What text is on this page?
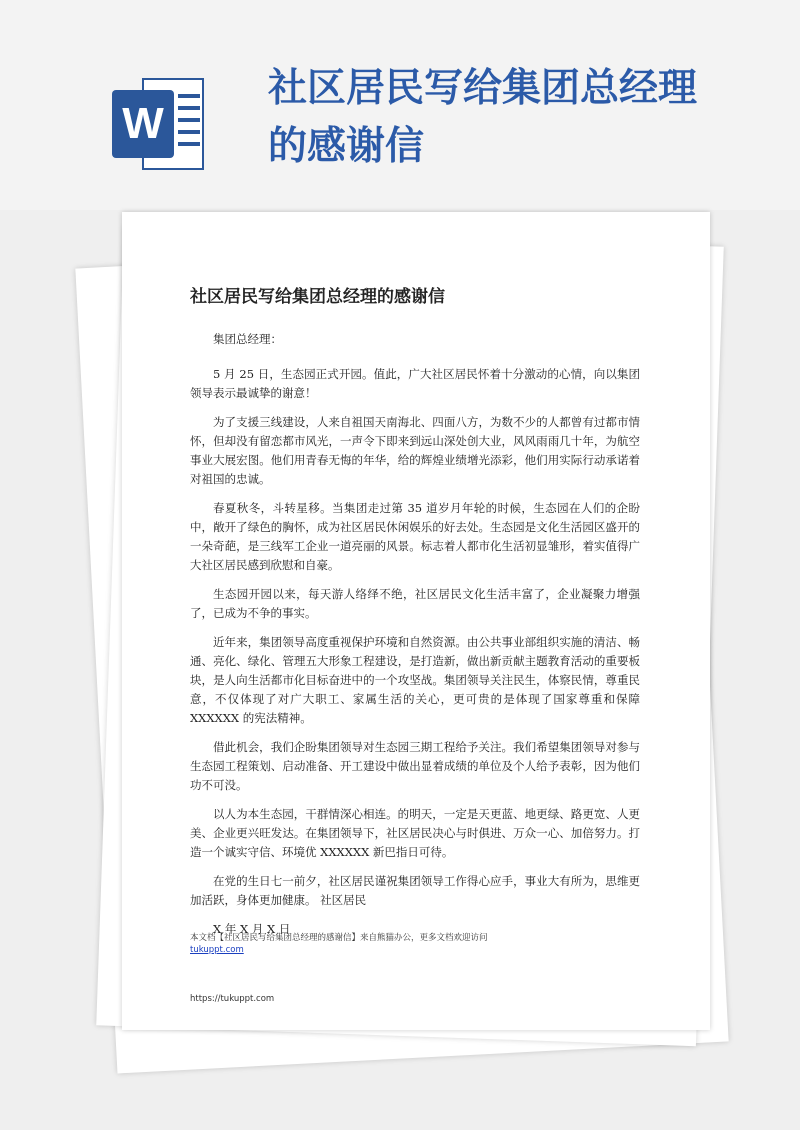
W
社区居民写给集团总经理的感谢信
社区居民写给集团总经理的感谢信

集团总经理：

5 月 25 日，生态园正式开园。值此，广大社区居民怀着十分激动的心情，向以集团领导表示最诚挚的谢意！

为了支援三线建设，人来自祖国天南海北、四面八方，为数不少的人都曾有过都市情怀，但却没有留恋都市风光，一声令下即来到远山深处创大业，风风雨雨几十年，为航空事业大展宏图。他们用青春无悔的年华，给的辉煌业绩增光添彩，他们用实际行动承诺着对祖国的忠诚。

春夏秋冬，斗转星移。当集团走过第 35 道岁月年轮的时候，生态园在人们的企盼中，敞开了绿色的胸怀，成为社区居民休闲娱乐的好去处。生态园是文化生活园区盛开的一朵奇葩，是三线军工企业一道亮丽的风景。标志着人都市化生活初显雏形，着实值得广大社区居民感到欣慰和自豪。

生态园开园以来，每天游人络绎不绝，社区居民文化生活丰富了，企业凝聚力增强了，已成为不争的事实。

近年来，集团领导高度重视保护环境和自然资源。由公共事业部组织实施的清洁、畅通、亮化、绿化、管理五大形象工程建设，是打造新，做出新贡献主题教育活动的重要板块，是人向生活都市化目标奋进中的一个攻坚战。集团领导关注民生，体察民情，尊重民意，不仅体现了对广大职工、家属生活的关心，更可贵的是体现了国家尊重和保障 XXXXXX 的宪法精神。

借此机会，我们企盼集团领导对生态园三期工程给予关注。我们希望集团领导对参与生态园工程策划、启动准备、开工建设中做出显着成绩的单位及个人给予表彰，因为他们功不可没。

以人为本生态园，干群情深心相连。的明天，一定是天更蓝、地更绿、路更宽、人更美、企业更兴旺发达。在集团领导下，社区居民决心与时俱进、万众一心、加倍努力。打造一个诚实守信、环境优 XXXXXX 新巴指日可待。

在党的生日七一前夕，社区居民谨祝集团领导工作得心应手，事业大有所为，思维更加活跃，身体更加健康。 社区居民

X 年 X 月 X 日

本文档【社区居民写给集团总经理的感谢信】来自熊猫办公，更多文档欢迎访问
tukuppt.com
https://tukuppt.com
